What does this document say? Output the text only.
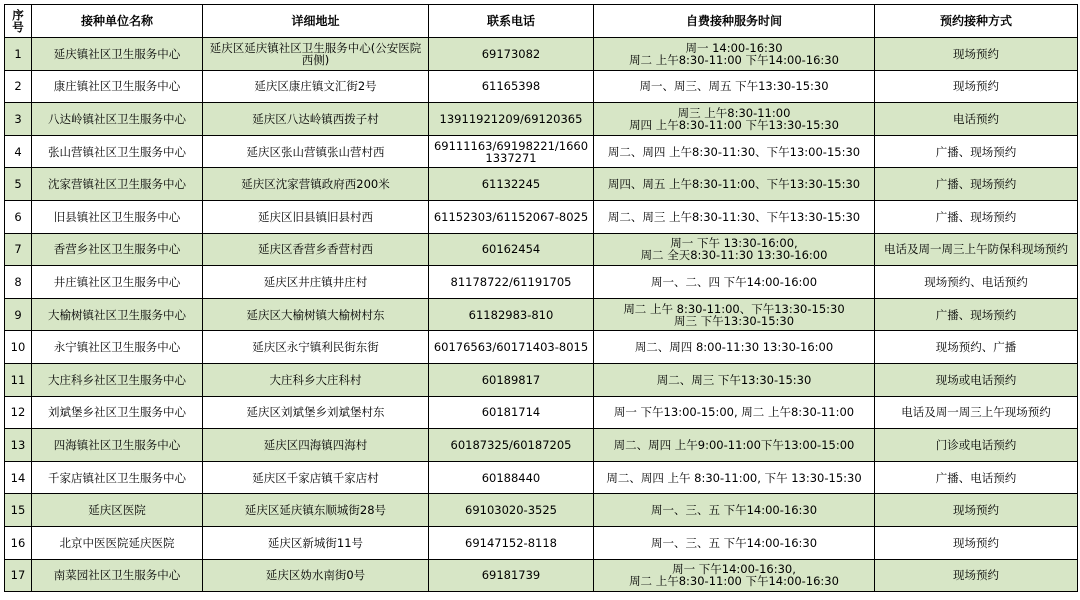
序号	接种单位名称	详细地址	联系电话	自费接种服务时间	预约接种方式

1	延庆镇社区卫生服务中心	延庆区延庆镇社区卫生服务中心(公安医院西侧)	69173082	周一 14:00-16:30
周二 上午8:30-11:00 下午14:00-16:30	现场预约

2	康庄镇社区卫生服务中心	延庆区康庄镇文汇街2号	61165398	周一、周三、周五 下午13:30-15:30	现场预约

3	八达岭镇社区卫生服务中心	延庆区八达岭镇西拨子村	13911921209/69120365	周三 上午8:30-11:00
周四 上午8:30-11:00 下午13:30-15:30	电话预约

4	张山营镇社区卫生服务中心	延庆区张山营镇张山营村西	69111163/69198221/16601337271	周二、周四 上午8:30-11:30、下午13:00-15:30	广播、现场预约

5	沈家营镇社区卫生服务中心	延庆区沈家营镇政府西200米	61132245	周四、周五 上午8:30-11:00、下午13:30-15:30	广播、现场预约

6	旧县镇社区卫生服务中心	延庆区旧县镇旧县村西	61152303/61152067-8025	周二、周三 上午8:30-11:30、下午13:30-15:30	广播、现场预约

7	香营乡社区卫生服务中心	延庆区香营乡香营村西	60162454	周一 下午 13:30-16:00,
周二 全天8:30-11:30 13:30-16:00	电话及周一周三上午防保科现场预约

8	井庄镇社区卫生服务中心	延庆区井庄镇井庄村	81178722/61191705	周一、二、四 下午14:00-16:00	现场预约、电话预约

9	大榆树镇社区卫生服务中心	延庆区大榆树镇大榆树村东	61182983-810	周二 上午 8:30-11:00、下午13:30-15:30
周三 下午13:30-15:30	广播、现场预约

10	永宁镇社区卫生服务中心	延庆区永宁镇利民街东街	60176563/60171403-8015	周二、周四 8:00-11:30 13:30-16:00	现场预约、广播

11	大庄科乡社区卫生服务中心	大庄科乡大庄科村	60189817	周二、周三 下午13:30-15:30	现场或电话预约

12	刘斌堡乡社区卫生服务中心	延庆区刘斌堡乡刘斌堡村东	60181714	周一 下午13:00-15:00, 周二 上午8:30-11:00	电话及周一周三上午现场预约

13	四海镇社区卫生服务中心	延庆区四海镇四海村	60187325/60187205	周二、周四 上午9:00-11:00下午13:00-15:00	门诊或电话预约

14	千家店镇社区卫生服务中心	延庆区千家店镇千家店村	60188440	周二、周四 上午 8:30-11:00, 下午 13:30-15:30	广播、电话预约

15	延庆区医院	延庆区延庆镇东顺城街28号	69103020-3525	周一、三、五 下午14:00-16:30	现场预约

16	北京中医医院延庆医院	延庆区新城街11号	69147152-8118	周一、三、五 下午14:00-16:30	现场预约

17	南菜园社区卫生服务中心	延庆区妫水南街0号	69181739	周一 下午14:00-16:30,
周二 上午8:30-11:00 下午14:00-16:30	现场预约
